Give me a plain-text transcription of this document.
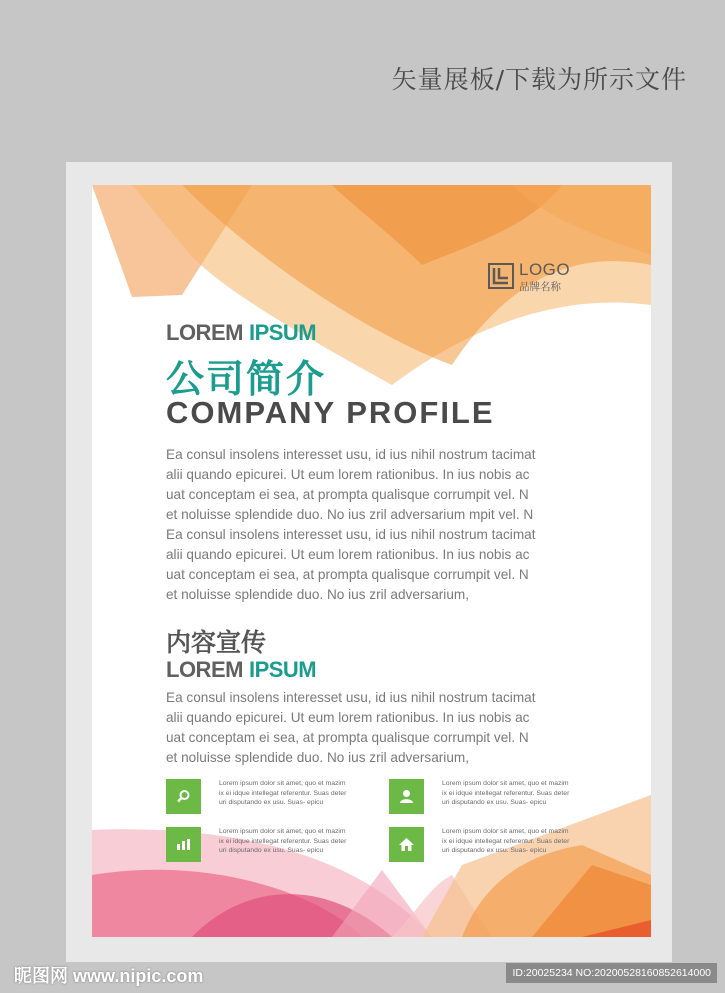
矢量展板/下载为所示文件
LOGO
品牌名称
LOREM IPSUM
公司简介
COMPANY PROFILE
Ea consul insolens interesset usu, id ius nihil nostrum tacimat
alii quando epicurei. Ut eum lorem rationibus. In ius nobis ac
uat conceptam ei sea, at prompta qualisque corrumpit vel. N
et noluisse splendide duo. No ius zril adversarium mpit vel. N
Ea consul insolens interesset usu, id ius nihil nostrum tacimat
alii quando epicurei. Ut eum lorem rationibus. In ius nobis ac
uat conceptam ei sea, at prompta qualisque corrumpit vel. N
et noluisse splendide duo. No ius zril adversarium,
内容宣传
LOREM IPSUM
Ea consul insolens interesset usu, id ius nihil nostrum tacimat
alii quando epicurei. Ut eum lorem rationibus. In ius nobis ac
uat conceptam ei sea, at prompta qualisque corrumpit vel. N
et noluisse splendide duo. No ius zril adversarium,
Lorem ipsum dolor sit amet, quo et mazim
ix ei idque intellegat referentur. Suas deter
uri disputando ex usu. Suas- epicu
Lorem ipsum dolor sit amet, quo et mazim
ix ei idque intellegat referentur. Suas deter
uri disputando ex usu. Suas- epicu
Lorem ipsum dolor sit amet, quo et mazim
ix ei idque intellegat referentur. Suas deter
uri disputando ex usu. Suas- epicu
Lorem ipsum dolor sit amet, quo et mazim
ix ei idque intellegat referentur. Suas deter
uri disputando ex usu. Suas- epicu
昵图网 www.nipic.com	ID:20025234 NO:20200528160852614000
